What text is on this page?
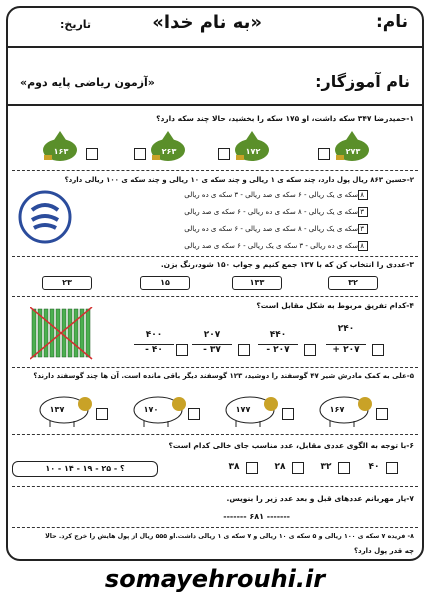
نام:
«به نام خدا»
تاریخ:
نام آموزگار:
«آزمون ریاضی پایه دوم»
۱-حمیدرضا ۳۴۷ سکه داشت، او ۱۷۵ سکه را بخشید، حالا چند سکه دارد؟
۲۷۳
۱۷۲
۲۶۳
۱۶۳
۲-حسین ۸۶۳ ریال پول دارد، چند سکه ی ۱ ریالی و چند سکه ی ۱۰ ریالی و چند سکه ی ۱۰۰ ریالی دارد؟
۸ سکه ی یک ریالی - ۶ سکه ی صد ریالی - ۳ سکه ی ده ریالی
۳ سکه ی یک ریالی - ۸ سکه ی ده ریالی - ۶ سکه ی صد ریالی
۳ سکه ی یک ریالی - ۸ سکه ی صد ریالی - ۶ سکه ی ده ریالی
۸ سکه ی ده ریالی - ۳ سکه ی یک ریالی - ۶ سکه ی صد ریالی
۳-عددی را انتخاب کن که با ۱۳۷ جمع کنیم و جواب ۱۵۰ شود،رنگ بزن.
۳۲
۱۳۳
۱۵
۲۳
۴-کدام تفریق مربوط به شکل مقابل است؟
۲۴۰
+ ۲۰۷
۴۴۰
- ۲۰۷
۲۰۷
- ۳۷
۴۰۰
- ۴۰
۵-علی به کمک مادرش شیر ۴۷ گوسفند را دوشید، ۱۲۳ گوسفند دیگر باقی مانده است. آن ها چند گوسفند دارند؟
۱۶۷
۱۷۷
۱۷۰
۱۳۷
۶-با توجه به الگوی عددی مقابل، عدد مناسب جای خالی کدام است؟
۴۰
۳۲
۲۸
۳۸
۱۰ - ۱۴ - ۱۹ - ۲۵ - ؟
۷-یار مهربانم عددهای قبل و بعد عدد زیر را بنویس.
------- ۶۸۱ -------
۸- فریده ۷ سکه ی ۱۰۰ ریالی و ۵ سکه ی ۱۰ ریالی و ۷ سکه ی ۱ ریالی داشت.او ۵۵۵ ریال از پول هایش را خرج کرد. حالا
چه قدر پول دارد؟
somayehrouhi.ir
